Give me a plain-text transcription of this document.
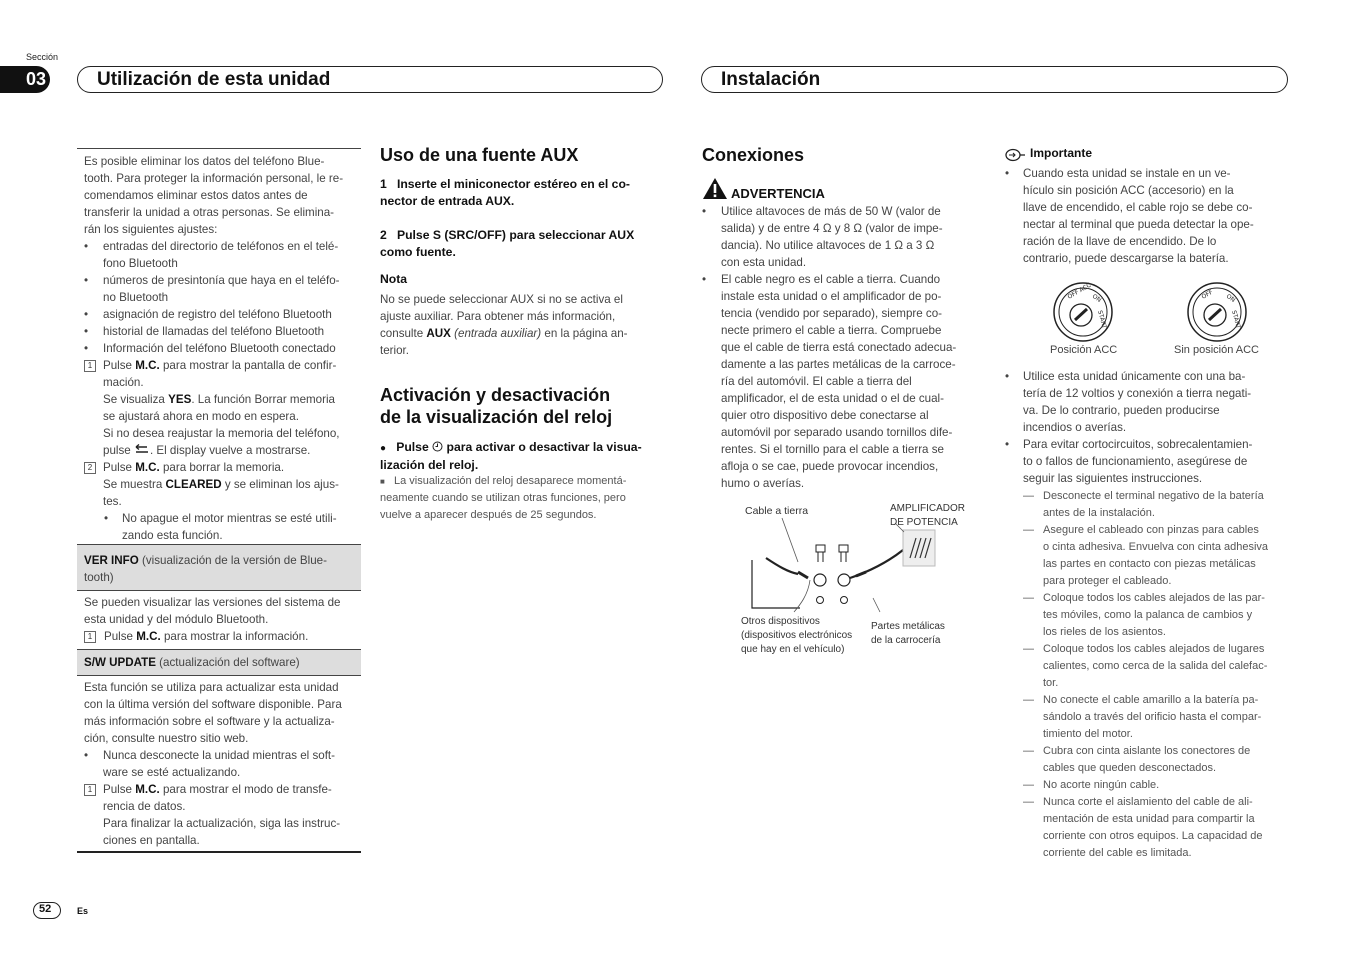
Sección
03	Utilización de esta unidad	Instalación
Es posible eliminar los datos del teléfono Blue-
tooth. Para proteger la información personal, le re-
comendamos eliminar estos datos antes de
transferir la unidad a otras personas. Se elimina-
rán los siguientes ajustes:
• entradas del directorio de teléfonos en el telé-
fono Bluetooth
• números de presintonía que haya en el teléfo-
no Bluetooth
• asignación de registro del teléfono Bluetooth
• historial de llamadas del teléfono Bluetooth
• Información del teléfono Bluetooth conectado
1 Pulse M.C. para mostrar la pantalla de confir-
mación.
Se visualiza YES. La función Borrar memoria
se ajustará ahora en modo en espera.
Si no desea reajustar la memoria del teléfono,
pulse . El display vuelve a mostrarse.
2 Pulse M.C. para borrar la memoria.
Se muestra CLEARED y se eliminan los ajus-
tes.
• No apague el motor mientras se esté utili-
zando esta función.
VER INFO (visualización de la versión de Blue-
tooth)
Se pueden visualizar las versiones del sistema de
esta unidad y del módulo Bluetooth.
1 Pulse M.C. para mostrar la información.
S/W UPDATE (actualización del software)
Esta función se utiliza para actualizar esta unidad
con la última versión del software disponible. Para
más información sobre el software y la actualiza-
ción, consulte nuestro sitio web.
• Nunca desconecte la unidad mientras el soft-
ware se esté actualizando.
1 Pulse M.C. para mostrar el modo de transfe-
rencia de datos.
Para finalizar la actualización, siga las instruc-
ciones en pantalla.
Uso de una fuente AUX
1 Inserte el miniconector estéreo en el co-
nector de entrada AUX.
2 Pulse S (SRC/OFF) para seleccionar AUX
como fuente.
Nota
No se puede seleccionar AUX si no se activa el
ajuste auxiliar. Para obtener más información,
consulte AUX (entrada auxiliar) en la página an-
terior.
Activación y desactivación
de la visualización del reloj
● Pulse para activar o desactivar la visua-
lización del reloj.
■ La visualización del reloj desaparece momentá-
neamente cuando se utilizan otras funciones, pero
vuelve a aparecer después de 25 segundos.
Conexiones
ADVERTENCIA
• Utilice altavoces de más de 50 W (valor de
salida) y de entre 4 Ω y 8 Ω (valor de impe-
dancia). No utilice altavoces de 1 Ω a 3 Ω
con esta unidad.
• El cable negro es el cable a tierra. Cuando
instale esta unidad o el amplificador de po-
tencia (vendido por separado), siempre co-
necte primero el cable a tierra. Compruebe
que el cable de tierra está conectado adecua-
damente a las partes metálicas de la carroce-
ría del automóvil. El cable a tierra del
amplificador, el de esta unidad o el de cual-
quier otro dispositivo debe conectarse al
automóvil por separado usando tornillos dife-
rentes. Si el tornillo para el cable a tierra se
afloja o se cae, puede provocar incendios,
humo o averías.
Cable a tierra	AMPLIFICADOR
DE POTENCIA
Otros dispositivos
(dispositivos electrónicos
que hay en el vehículo)
Partes metálicas
de la carrocería
Importante
• Cuando esta unidad se instale en un ve-
hículo sin posición ACC (accesorio) en la
llave de encendido, el cable rojo se debe co-
nectar al terminal que pueda detectar la ope-
ración de la llave de encendido. De lo
contrario, puede descargarse la batería.
OFF ACC
ON
START
Posición ACC
OFF ON
START
Sin posición ACC
• Utilice esta unidad únicamente con una ba-
tería de 12 voltios y conexión a tierra negati-
va. De lo contrario, pueden producirse
incendios o averías.
• Para evitar cortocircuitos, sobrecalentamien-
to o fallos de funcionamiento, asegúrese de
seguir las siguientes instrucciones.
— Desconecte el terminal negativo de la batería
antes de la instalación.
— Asegure el cableado con pinzas para cables
o cinta adhesiva. Envuelva con cinta adhesiva
las partes en contacto con piezas metálicas
para proteger el cableado.
— Coloque todos los cables alejados de las par-
tes móviles, como la palanca de cambios y
los rieles de los asientos.
— Coloque todos los cables alejados de lugares
calientes, como cerca de la salida del calefac-
tor.
— No conecte el cable amarillo a la batería pa-
sándolo a través del orificio hasta el compar-
timiento del motor.
— Cubra con cinta aislante los conectores de
cables que queden desconectados.
— No acorte ningún cable.
— Nunca corte el aislamiento del cable de ali-
mentación de esta unidad para compartir la
corriente con otros equipos. La capacidad de
corriente del cable es limitada.
52	Es
